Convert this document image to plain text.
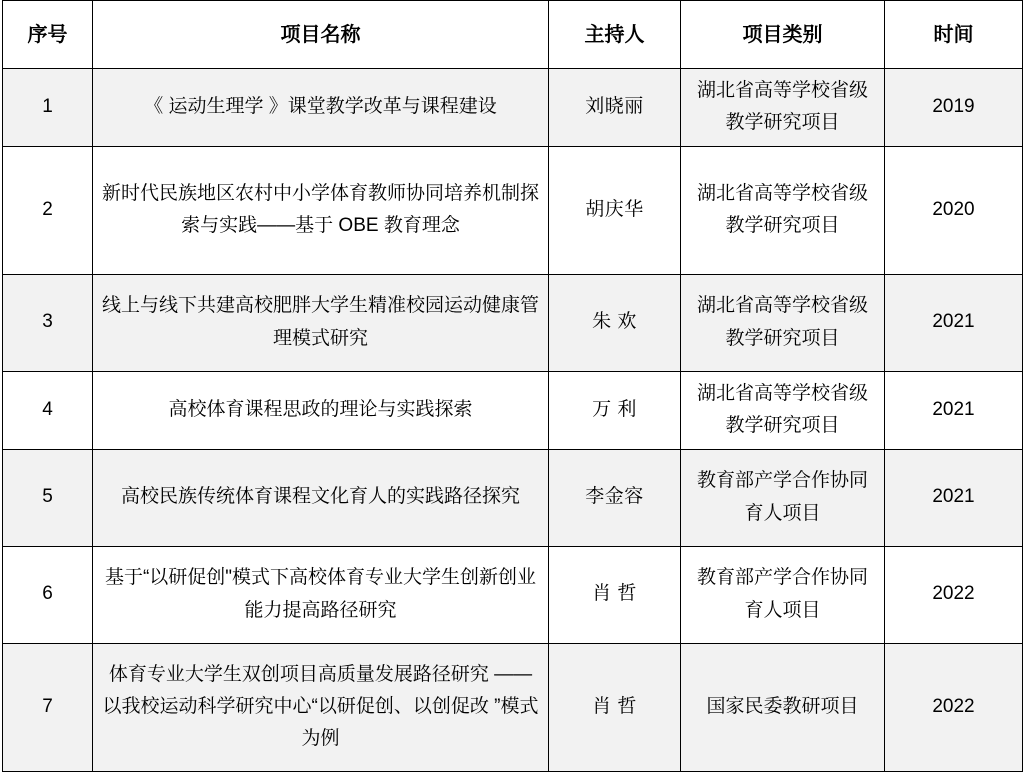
序号	项目名称	主持人	项目类别	时间
1	《 运动生理学 》课堂教学改革与课程建设	刘晓丽	湖北省高等学校省级教学研究项目	2019
2	新时代民族地区农村中小学体育教师协同培养机制探索与实践——基于 OBE 教育理念	胡庆华	湖北省高等学校省级教学研究项目	2020
3	线上与线下共建高校肥胖大学生精准校园运动健康管理模式研究	朱 欢	湖北省高等学校省级教学研究项目	2021
4	高校体育课程思政的理论与实践探索	万 利	湖北省高等学校省级教学研究项目	2021
5	高校民族传统体育课程文化育人的实践路径探究	李金容	教育部产学合作协同育人项目	2021
6	基于“以研促创"模式下高校体育专业大学生创新创业能力提高路径研究	肖 哲	教育部产学合作协同育人项目	2022
7	体育专业大学生双创项目高质量发展路径研究 ——以我校运动科学研究中心“以研促创、以创促改 ”模式为例	肖 哲	国家民委教研项目	2022
